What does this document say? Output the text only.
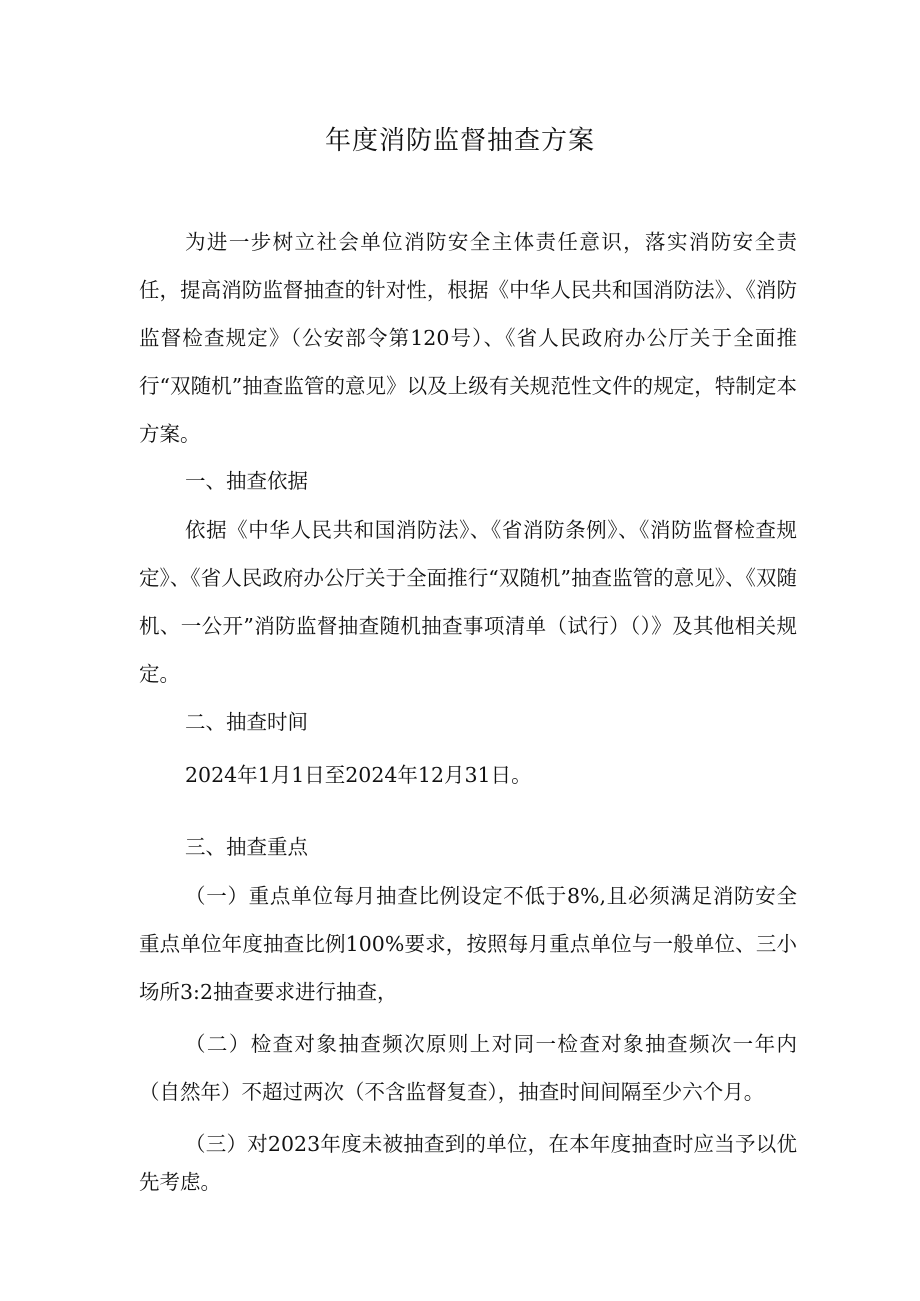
年度消防监督抽查方案
为进一步树立社会单位消防安全主体责任意识，落实消防安全责任，提高消防监督抽查的针对性，根据《中华人民共和国消防法》、《消防监督检查规定》（公安部令第120号）、《省人民政府办公厅关于全面推行“双随机”抽查监管的意见》以及上级有关规范性文件的规定，特制定本方案。
一、抽查依据
依据《中华人民共和国消防法》、《省消防条例》、《消防监督检查规定》、《省人民政府办公厅关于全面推行“双随机”抽查监管的意见》、《双随机、一公开”消防监督抽查随机抽查事项清单（试行）（）》及其他相关规定。
二、抽查时间
2024年1月1日至2024年12月31日。
三、抽查重点
（一）重点单位每月抽查比例设定不低于8%,且必须满足消防安全重点单位年度抽查比例100%要求，按照每月重点单位与一般单位、三小场所3:2抽查要求进行抽查，
（二）检查对象抽查频次原则上对同一检查对象抽查频次一年内（自然年）不超过两次（不含监督复查），抽查时间间隔至少六个月。
（三）对2023年度未被抽查到的单位，在本年度抽查时应当予以优先考虑。
